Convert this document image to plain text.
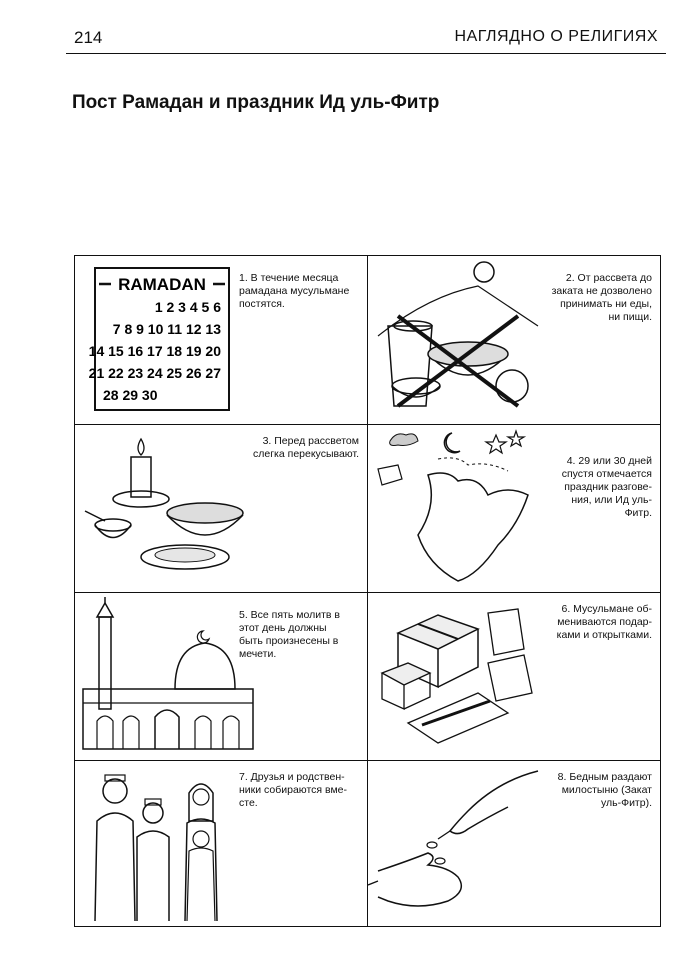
214	НАГЛЯДНО О РЕЛИГИЯХ
Пост Рамадан и праздник Ид уль-Фитр
RAMADAN
1 2 3 4 5 6
7 8 9 10 11 12 13
14 15 16 17 18 19 20
21 22 23 24 25 26 27
28 29 30
1. В течение месяца
рамадана мусульмане
постятся.
2. От рассвета до
заката не дозволено
принимать ни еды,
ни пищи.
3. Перед рассветом
слегка перекусывают.
4. 29 или 30 дней
спустя отмечается
праздник разгове-
ния, или Ид уль-
Фитр.
5. Все пять молитв в
этот день должны
быть произнесены в
мечети.
6. Мусульмане об-
мениваются подар-
ками и открытками.
7. Друзья и родствен-
ники собираются вме-
сте.
8. Бедным раздают
милостыню (Закат
уль-Фитр).
